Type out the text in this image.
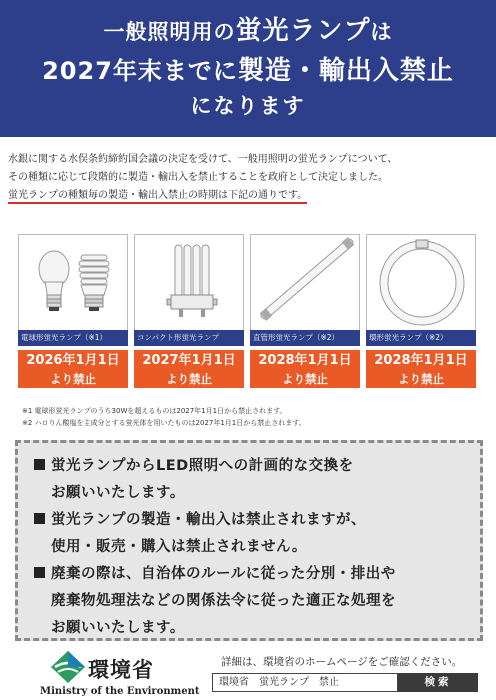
一般照明用の蛍光ランプは
2027年末までに製造・輸出入禁止
になります

水銀に関する水俣条約締約国会議の決定を受けて、一般用照明の蛍光ランプについて、

その種類に応じて段階的に製造・輸出入を禁止することを政府として決定しました。

蛍光ランプの種類毎の製造・輸出入禁止の時期は下記の通りです。

電球形蛍光ランプ（※1）
2026年1月1日
より禁止
コンパクト形蛍光ランプ
2027年1月1日
より禁止
直管形蛍光ランプ（※2）
2028年1月1日
より禁止
環形蛍光ランプ（※2）
2028年1月1日
より禁止
※1 電球形蛍光ランプのうち30Wを超えるものは2027年1月1日から禁止されます。
※2 ハロりん酸塩を主成分とする蛍光体を用いたものは2027年1月1日から禁止されます。
蛍光ランプからLED照明への計画的な交換を
お願いいたします。
蛍光ランプの製造・輸出入は禁止されますが、
使用・販売・購入は禁止されません。
廃棄の際は、自治体のルールに従った分別・排出や
廃棄物処理法などの関係法令に従った適正な処理を
お願いいたします。
環境省
Ministry of the Environment
詳細は、環境省のホームページをご確認ください。
環境省　蛍光ランプ　禁止	検索
